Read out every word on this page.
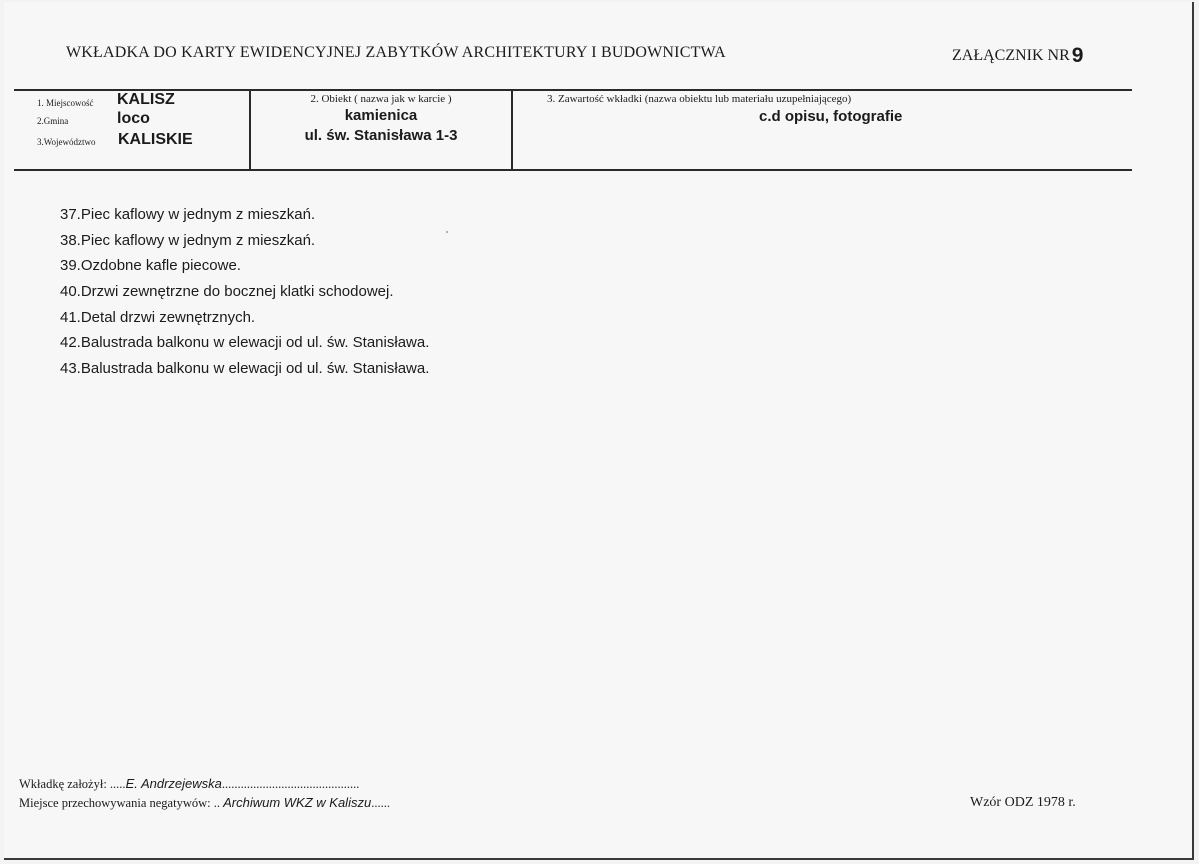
WKŁADKA DO KARTY EWIDENCYJNEJ ZABYTKÓW ARCHITEKTURY I BUDOWNICTWA	ZAŁĄCZNIK NR9
1. Miejscowość KALISZ
2.Gmina	loco
3.Województwo KALISKIE
2. Obiekt ( nazwa jak w karcie )
kamienica
ul. św. Stanisława 1-3
3. Zawartość wkładki (nazwa obiektu lub materiału uzupełniającego)
c.d opisu, fotografie
37.Piec kaflowy w jednym z mieszkań.
38.Piec kaflowy w jednym z mieszkań.
39.Ozdobne kafle piecowe.
40.Drzwi zewnętrzne do bocznej klatki schodowej.
41.Detal drzwi zewnętrznych.
42.Balustrada balkonu w elewacji od ul. św. Stanisława.
43.Balustrada balkonu w elewacji od ul. św. Stanisława.
Wkładkę założył: .....E. Andrzejewska............................................
Miejsce przechowywania negatywów: .. Archiwum WKZ w Kaliszu......	Wzór ODZ 1978 r.
